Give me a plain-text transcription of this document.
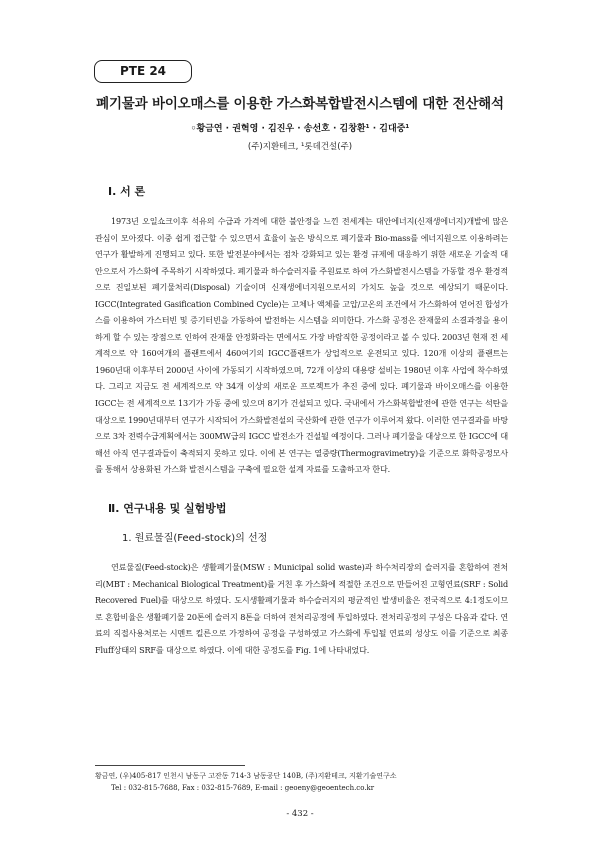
PTE 24
폐기물과 바이오매스를 이용한 가스화복합발전시스템에 대한 전산해석
◦황금연 · 권혁영 · 김진우 · 송선호 · 김창환¹ · 김대중¹
(주)지환테크, ¹롯데건설(주)
Ⅰ. 서 론

1973년 오일쇼크이후 석유의 수급과 가격에 대한 불안정을 느낀 전세계는 대안에너지(신재생에너지)개발에 많은 관심이 모아졌다. 이중 쉽게 접근할 수 있으면서 효율이 높은 방식으로 폐기물과 Bio-mass를 에너지원으로 이용하려는 연구가 활발하게 진행되고 있다. 또한 발전분야에서는 점차 강화되고 있는 환경 규제에 대응하기 위한 새로운 기술적 대안으로서 가스화에 주목하기 시작하였다. 폐기물과 하수슬러지를 주원료로 하여 가스화발전시스템을 가동할 경우 환경적으로 진일보된 폐기물처리(Disposal) 기술이며 신재생에너지원으로서의 가치도 높을 것으로 예상되기 때문이다. IGCC(Integrated Gasification Combined Cycle)는 고체나 액체를 고압/고온의 조건에서 가스화하여 얻어진 합성가스를 이용하여 가스터빈 및 증기터빈을 가동하여 발전하는 시스템을 의미한다. 가스화 공정은 잔재물의 소결과정을 용이하게 할 수 있는 장점으로 인하여 잔재물 안정화라는 면에서도 가장 바람직한 공정이라고 볼 수 있다. 2003년 현재 전 세계적으로 약 160여개의 플랜트에서 460여기의 IGCC플랜트가 상업적으로 운전되고 있다. 120개 이상의 플랜트는 1960년대 이후부터 2000년 사이에 가동되기 시작하였으며, 72개 이상의 대용량 설비는 1980년 이후 사업에 착수하였다. 그리고 지금도 전 세계적으로 약 34개 이상의 새로운 프로젝트가 추진 중에 있다. 폐기물과 바이오매스를 이용한 IGCC는 전 세계적으로 13기가 가동 중에 있으며 8기가 건설되고 있다. 국내에서 가스화복합발전에 관한 연구는 석탄을 대상으로 1990년대부터 연구가 시작되어 가스화발전설의 국산화에 관한 연구가 이루어져 왔다. 이러한 연구결과를 바탕으로 3차 전력수급계획에서는 300MW급의 IGCC 발전소가 건설될 예정이다. 그러나 폐기물을 대상으로 한 IGCC에 대해선 아직 연구결과들이 축적되지 못하고 있다. 이에 본 연구는 열중량(Thermogravimetry)을 기준으로 화학공정모사를 통해서 상용화된 가스화 발전시스템을 구축에 필요한 설계 자료를 도출하고자 한다.

Ⅱ. 연구내용 및 실험방법
1. 원료물질(Feed-stock)의 선정

연료물질(Feed-stock)은 생활폐기물(MSW : Municipal solid waste)과 하수처리장의 슬러지를 혼합하여 전처리(MBT : Mechanical Biological Treatment)를 거친 후 가스화에 적절한 조건으로 만들어진 고형연료(SRF : Solid Recovered Fuel)를 대상으로 하였다. 도시생활폐기물과 하수슬러지의 평균적인 발생비율은 전국적으로 4:1정도이므로 혼합비율은 생활폐기물 20톤에 슬러지 8톤을 더하여 전처리공정에 투입하였다. 전처리공정의 구성은 다음과 같다. 연료의 직접사용처로는 시멘트 킬른으로 가정하여 공정을 구성하였고 가스화에 투입될 연료의 성상도 이를 기준으로 최종 Fluff상태의 SRF를 대상으로 하였다. 이에 대한 공정도를 Fig. 1에 나타내었다.

황금연, (우)405-817 인천시 남동구 고잔동 714-3 남동공단 140B, (주)지환테크, 지환기술연구소
Tel : 032-815-7688, Fax : 032-815-7689, E-mail : geoeny@geoentech.co.kr
- 432 -
